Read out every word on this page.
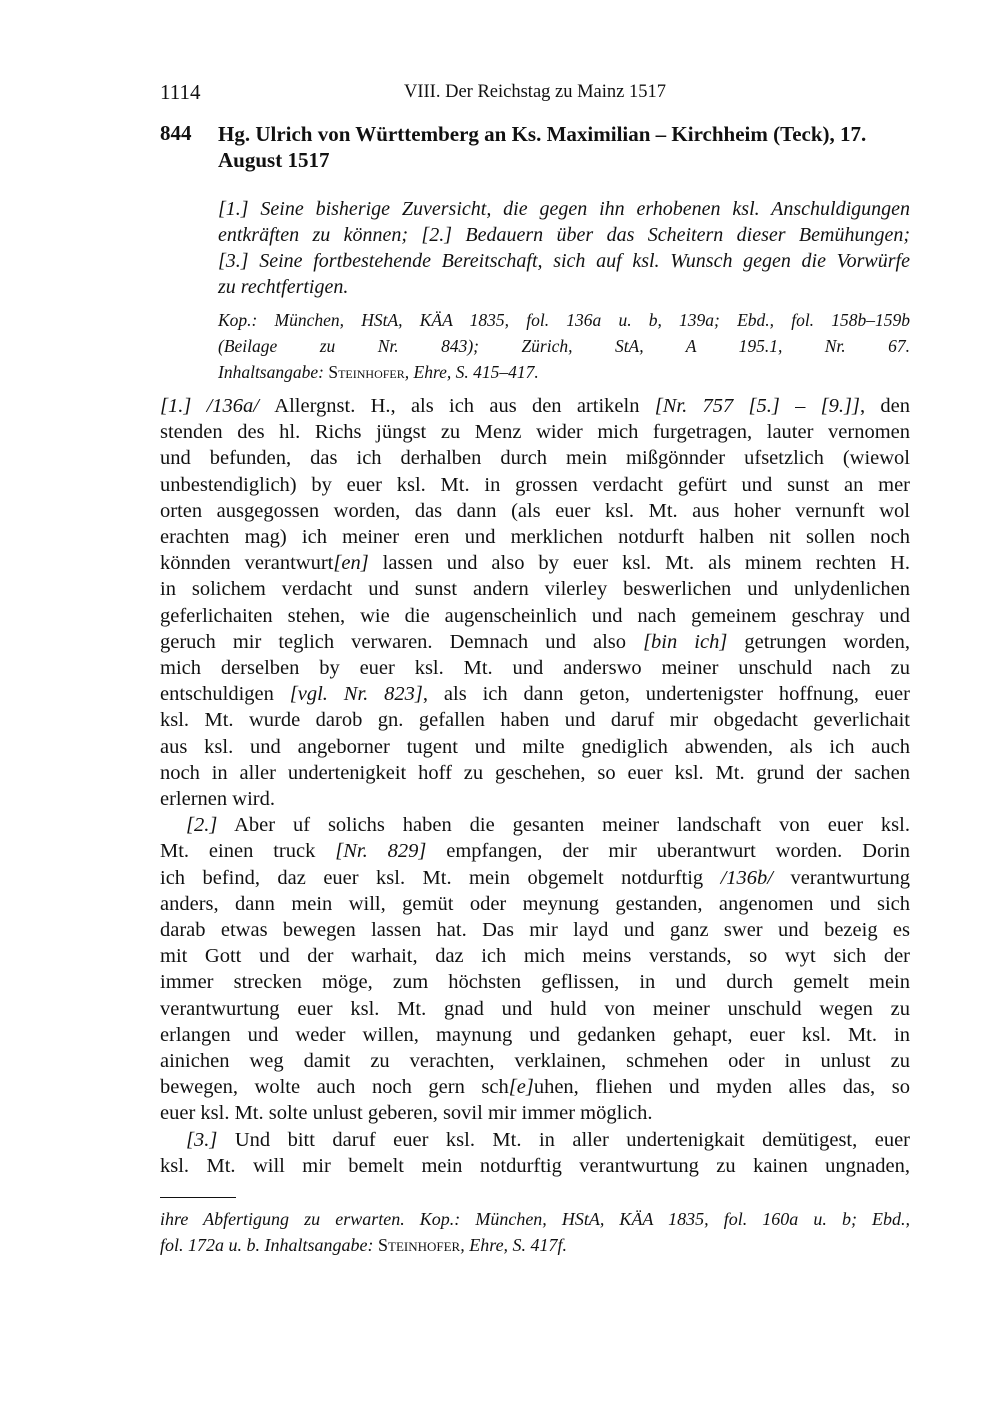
1114	VIII. Der Reichstag zu Mainz 1517
844 Hg. Ulrich von Württemberg an Ks. Maximilian – Kirchheim (Teck), 17. August 1517
[1.] Seine bisherige Zuversicht, die gegen ihn erhobenen ksl. Anschuldigungen
entkräften zu können; [2.] Bedauern über das Scheitern dieser Bemühungen;
[3.] Seine fortbestehende Bereitschaft, sich auf ksl. Wunsch gegen die Vorwürfe
zu rechtfertigen.
Kop.: München, HStA, KÄA 1835, fol. 136a u. b, 139a; Ebd., fol. 158b–159b
(Beilage zu Nr. 843); Zürich, StA, A 195.1, Nr. 67.
Inhaltsangabe: Steinhofer, Ehre, S. 415–417.
[1.] /136a/ Allergnst. H., als ich aus den artikeln [Nr. 757 [5.] – [9.]], den
stenden des hl. Richs jüngst zu Menz wider mich furgetragen, lauter vernomen
und befunden, das ich derhalben durch mein mißgönnder ufsetzlich (wiewol
unbestendiglich) by euer ksl. Mt. in grossen verdacht gefürt und sunst an mer
orten ausgegossen worden, das dann (als euer ksl. Mt. aus hoher vernunft wol
erachten mag) ich meiner eren und merklichen notdurft halben nit sollen noch
könnden verantwurt[en] lassen und also by euer ksl. Mt. als minem rechten H.
in solichem verdacht und sunst andern vilerley beswerlichen und unlydenlichen
geferlichaiten stehen, wie die augenscheinlich und nach gemeinem geschray und
geruch mir teglich verwaren. Demnach und also [bin ich] getrungen worden,
mich derselben by euer ksl. Mt. und anderswo meiner unschuld nach zu
entschuldigen [vgl. Nr. 823], als ich dann geton, undertenigster hoffnung, euer
ksl. Mt. wurde darob gn. gefallen haben und daruf mir obgedacht geverlichait
aus ksl. und angeborner tugent und milte gnediglich abwenden, als ich auch
noch in aller undertenigkeit hoff zu geschehen, so euer ksl. Mt. grund der sachen
erlernen wird.
[2.] Aber uf solichs haben die gesanten meiner landschaft von euer ksl.
Mt. einen truck [Nr. 829] empfangen, der mir uberantwurt worden. Dorin
ich befind, daz euer ksl. Mt. mein obgemelt notdurftig /136b/ verantwurtung
anders, dann mein will, gemüt oder meynung gestanden, angenomen und sich
darab etwas bewegen lassen hat. Das mir layd und ganz swer und bezeig es
mit Gott und der warhait, daz ich mich meins verstands, so wyt sich der
immer strecken möge, zum höchsten geflissen, in und durch gemelt mein
verantwurtung euer ksl. Mt. gnad und huld von meiner unschuld wegen zu
erlangen und weder willen, maynung und gedanken gehapt, euer ksl. Mt. in
ainichen weg damit zu verachten, verklainen, schmehen oder in unlust zu
bewegen, wolte auch noch gern sch[e]uhen, fliehen und myden alles das, so
euer ksl. Mt. solte unlust geberen, sovil mir immer möglich.
[3.] Und bitt daruf euer ksl. Mt. in aller undertenigkait demütigest, euer
ksl. Mt. will mir bemelt mein notdurftig verantwurtung zu kainen ungnaden,
ihre Abfertigung zu erwarten. Kop.: München, HStA, KÄA 1835, fol. 160a u. b; Ebd.,
fol. 172a u. b. Inhaltsangabe: Steinhofer, Ehre, S. 417f.
